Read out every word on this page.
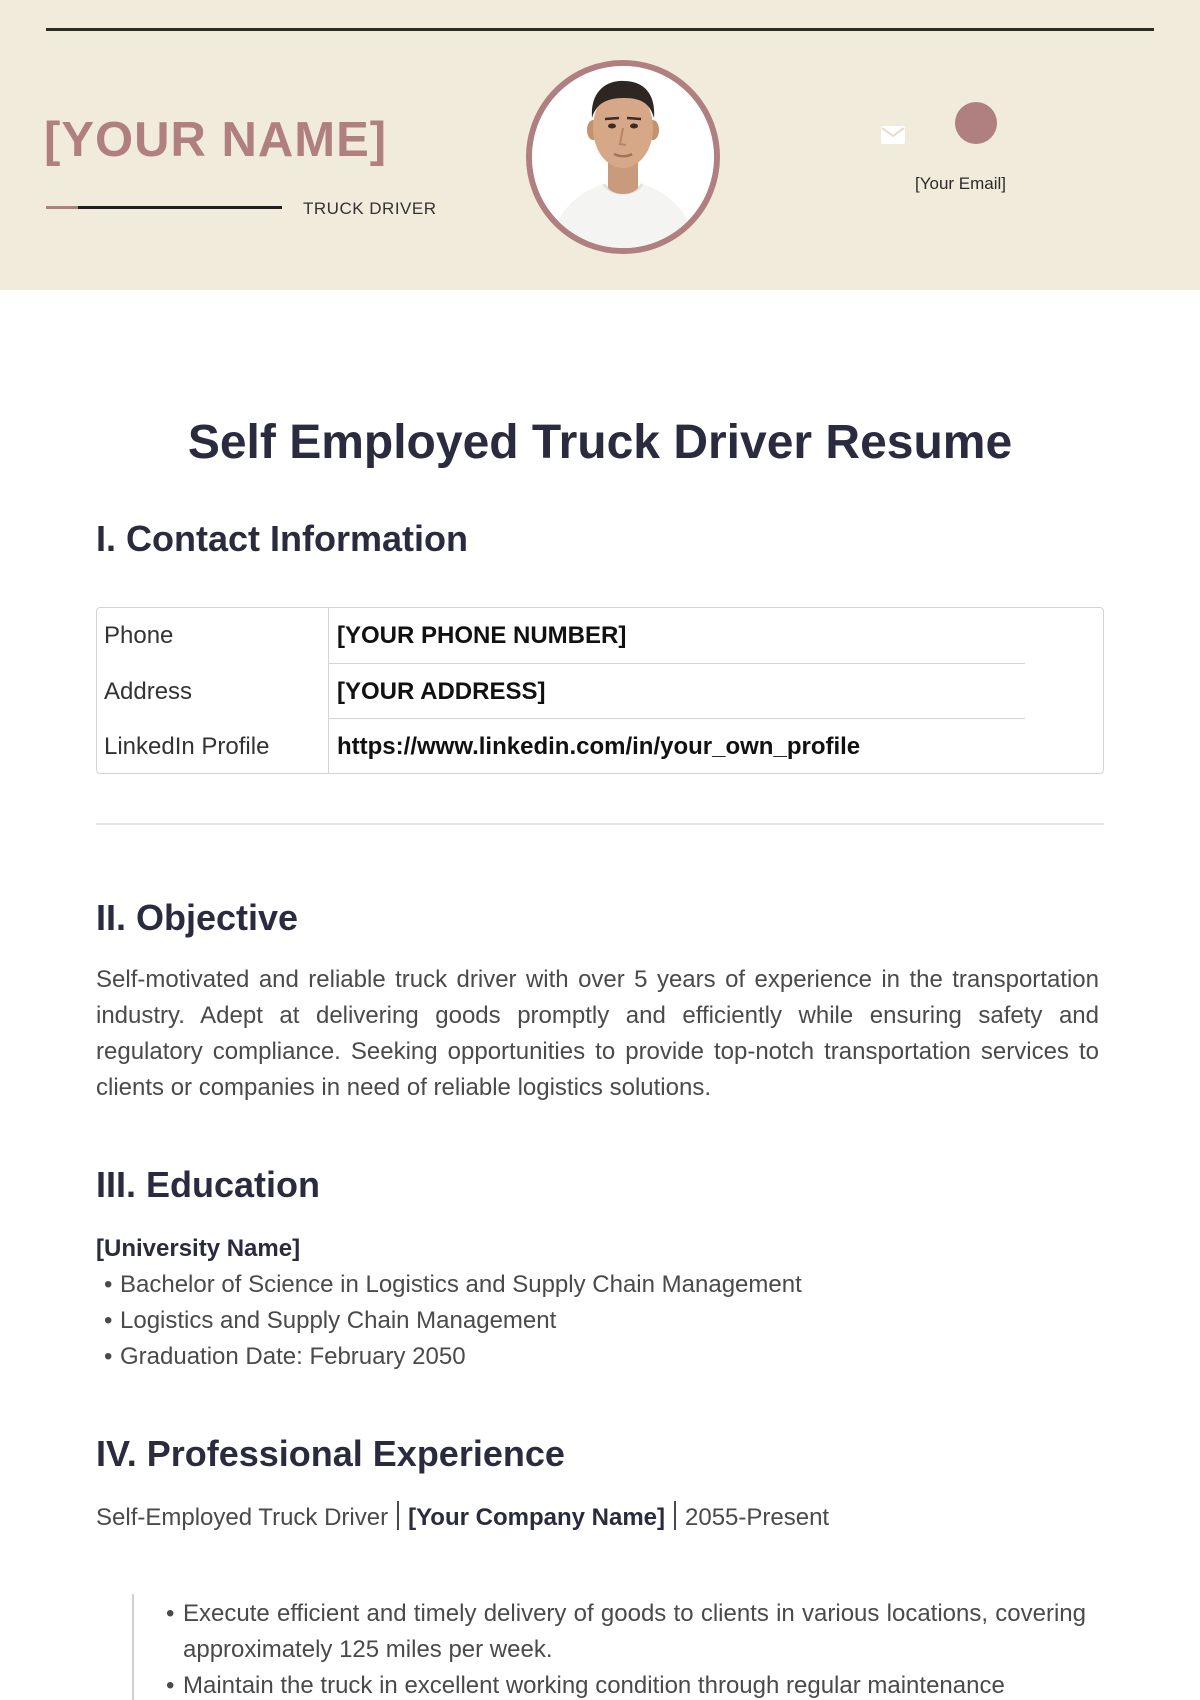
[YOUR NAME]
TRUCK DRIVER
[Your Email]
Self Employed Truck Driver Resume
I. Contact Information
Phone	[YOUR PHONE NUMBER]
Address	[YOUR ADDRESS]
LinkedIn Profile	https://www.linkedin.com/in/your_own_profile
II. Objective

Self-motivated and reliable truck driver with over 5 years of experience in the transportation industry. Adept at delivering goods promptly and efficiently while ensuring safety and regulatory compliance. Seeking opportunities to provide top-notch transportation services to clients or companies in need of reliable logistics solutions.

III. Education
[University Name]
• Bachelor of Science in Logistics and Supply Chain Management
• Logistics and Supply Chain Management
• Graduation Date: February 2050
IV. Professional Experience
Self-Employed Truck Driver [Your Company Name] 2055-Present
• Execute efficient and timely delivery of goods to clients in various locations, covering approximately 125 miles per week.
• Maintain the truck in excellent working condition through regular maintenance
